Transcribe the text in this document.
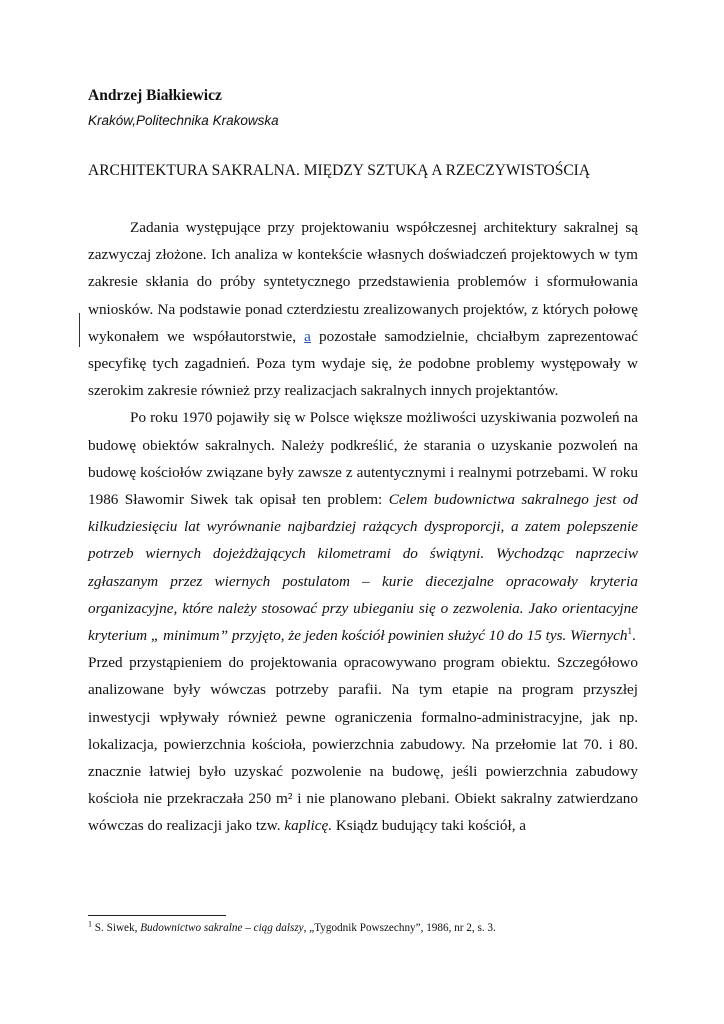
Andrzej Białkiewicz
Kraków,Politechnika Krakowska
ARCHITEKTURA SAKRALNA. MIĘDZY SZTUKĄ A RZECZYWISTOŚCIĄ

Zadania występujące przy projektowaniu współczesnej architektury sakralnej są zazwyczaj złożone. Ich analiza w kontekście własnych doświadczeń projektowych w tym zakresie skłania do próby syntetycznego przedstawienia problemów i sformułowania wniosków. Na podstawie ponad czterdziestu zrealizowanych projektów, z których połowę wykonałem we współautorstwie, a pozostałe samodzielnie, chciałbym zaprezentować specyfikę tych zagadnień. Poza tym wydaje się, że podobne problemy występowały w szerokim zakresie również przy realizacjach sakralnych innych projektantów.

Po roku 1970 pojawiły się w Polsce większe możliwości uzyskiwania pozwoleń na budowę obiektów sakralnych. Należy podkreślić, że starania o uzyskanie pozwoleń na budowę kościołów związane były zawsze z autentycznymi i realnymi potrzebami. W roku 1986 Sławomir Siwek tak opisał ten problem: Celem budownictwa sakralnego jest od kilkudziesięciu lat wyrównanie najbardziej rażących dysproporcji, a zatem polepszenie potrzeb wiernych dojeżdżających kilometrami do świątyni. Wychodząc naprzeciw zgłaszanym przez wiernych postulatom – kurie diecezjalne opracowały kryteria organizacyjne, które należy stosować przy ubieganiu się o zezwolenia. Jako orientacyjne kryterium „ minimum” przyjęto, że jeden kościół powinien służyć 10 do 15 tys. Wiernych$^1$.

Przed przystąpieniem do projektowania opracowywano program obiektu. Szczegółowo analizowane były wówczas potrzeby parafii. Na tym etapie na program przyszłej inwestycji wpływały również pewne ograniczenia formalno-administracyjne, jak np. lokalizacja, powierzchnia kościoła, powierzchnia zabudowy. Na przełomie lat 70. i 80. znacznie łatwiej było uzyskać pozwolenie na budowę, jeśli powierzchnia zabudowy kościoła nie przekraczała 250 m² i nie planowano plebani. Obiekt sakralny zatwierdzano wówczas do realizacji jako tzw. kaplicę. Ksiądz budujący taki kościół, a

$^1$ S. Siwek, Budownictwo sakralne – ciąg dalszy, „Tygodnik Powszechny”, 1986, nr 2, s. 3.
